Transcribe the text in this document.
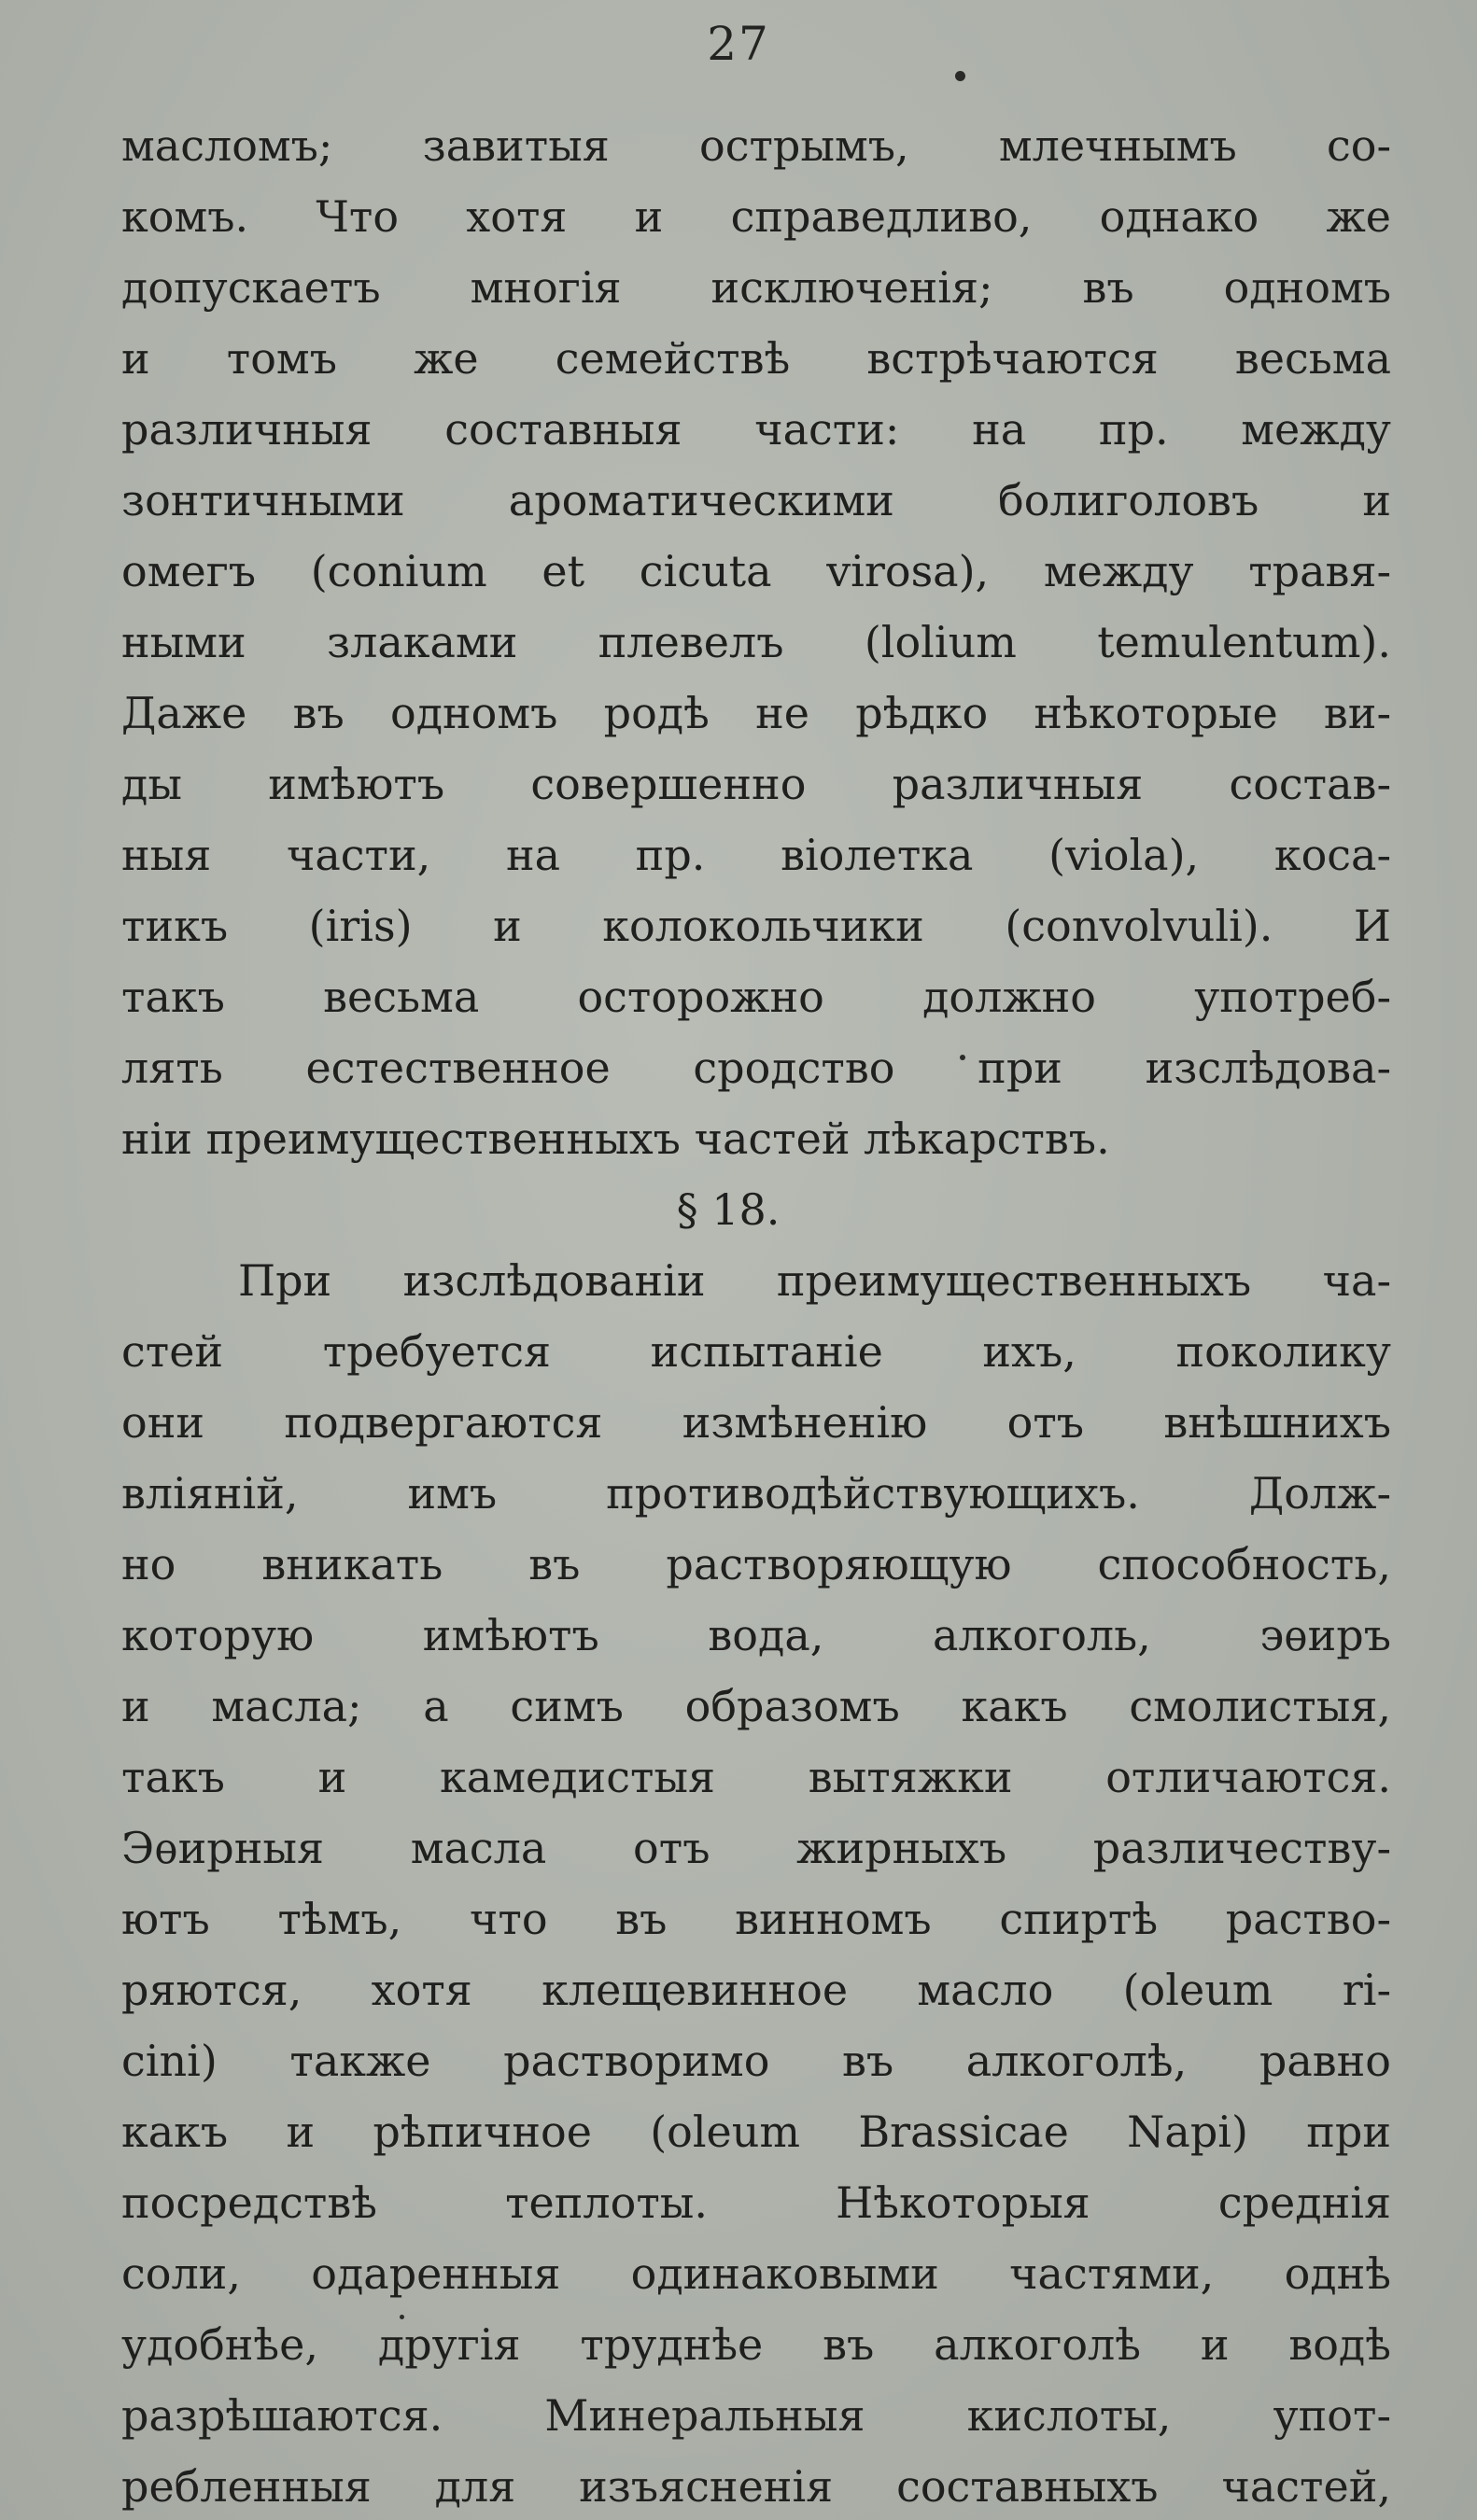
27
масломъ; завитыя острымъ, млечнымъ со-
комъ. Что хотя и справедливо, однако же
допускаетъ многія исключенія; въ одномъ
и томъ же семействѣ встрѣчаются весьма
различныя составныя части: на пр. между
зонтичными ароматическими болиголовъ и
омегъ (conium et cicuta virosa), между травя-
ными злаками плевелъ (lolium temulentum).
Даже въ одномъ родѣ не рѣдко нѣкоторые ви-
ды имѣютъ совершенно различныя состав-
ныя части, на пр. віолетка (viola), коса-
тикъ (iris) и колокольчики (convolvuli). И
такъ весьма осторожно должно употреб-
лять естественное сродство при изслѣдова-
ніи преимущественныхъ частей лѣкарствъ.
§ 18.
При изслѣдованіи преимущественныхъ ча-
стей требуется испытаніе ихъ, поколику
они подвергаются измѣненію отъ внѣшнихъ
вліяній, имъ противодѣйствующихъ. Долж-
но вникать въ растворяющую способность,
которую имѣютъ вода, алкоголь, эѳиръ
и масла; а симъ образомъ какъ смолистыя,
такъ и камедистыя вытяжки отличаются.
Эѳирныя масла отъ жирныхъ различеству-
ютъ тѣмъ, что въ винномъ спиртѣ раство-
ряются, хотя клещевинное масло (oleum ri-
cini) также растворимо въ алкоголѣ, равно
какъ и рѣпичное (oleum Brassicae Napi) при
посредствѣ теплоты. Нѣкоторыя среднія
соли, одаренныя одинаковыми частями, однѣ
удобнѣе, другія труднѣе въ алкоголѣ и водѣ
разрѣшаются. Минеральныя кислоты, упот-
ребленныя для изъясненія составныхъ частей,
